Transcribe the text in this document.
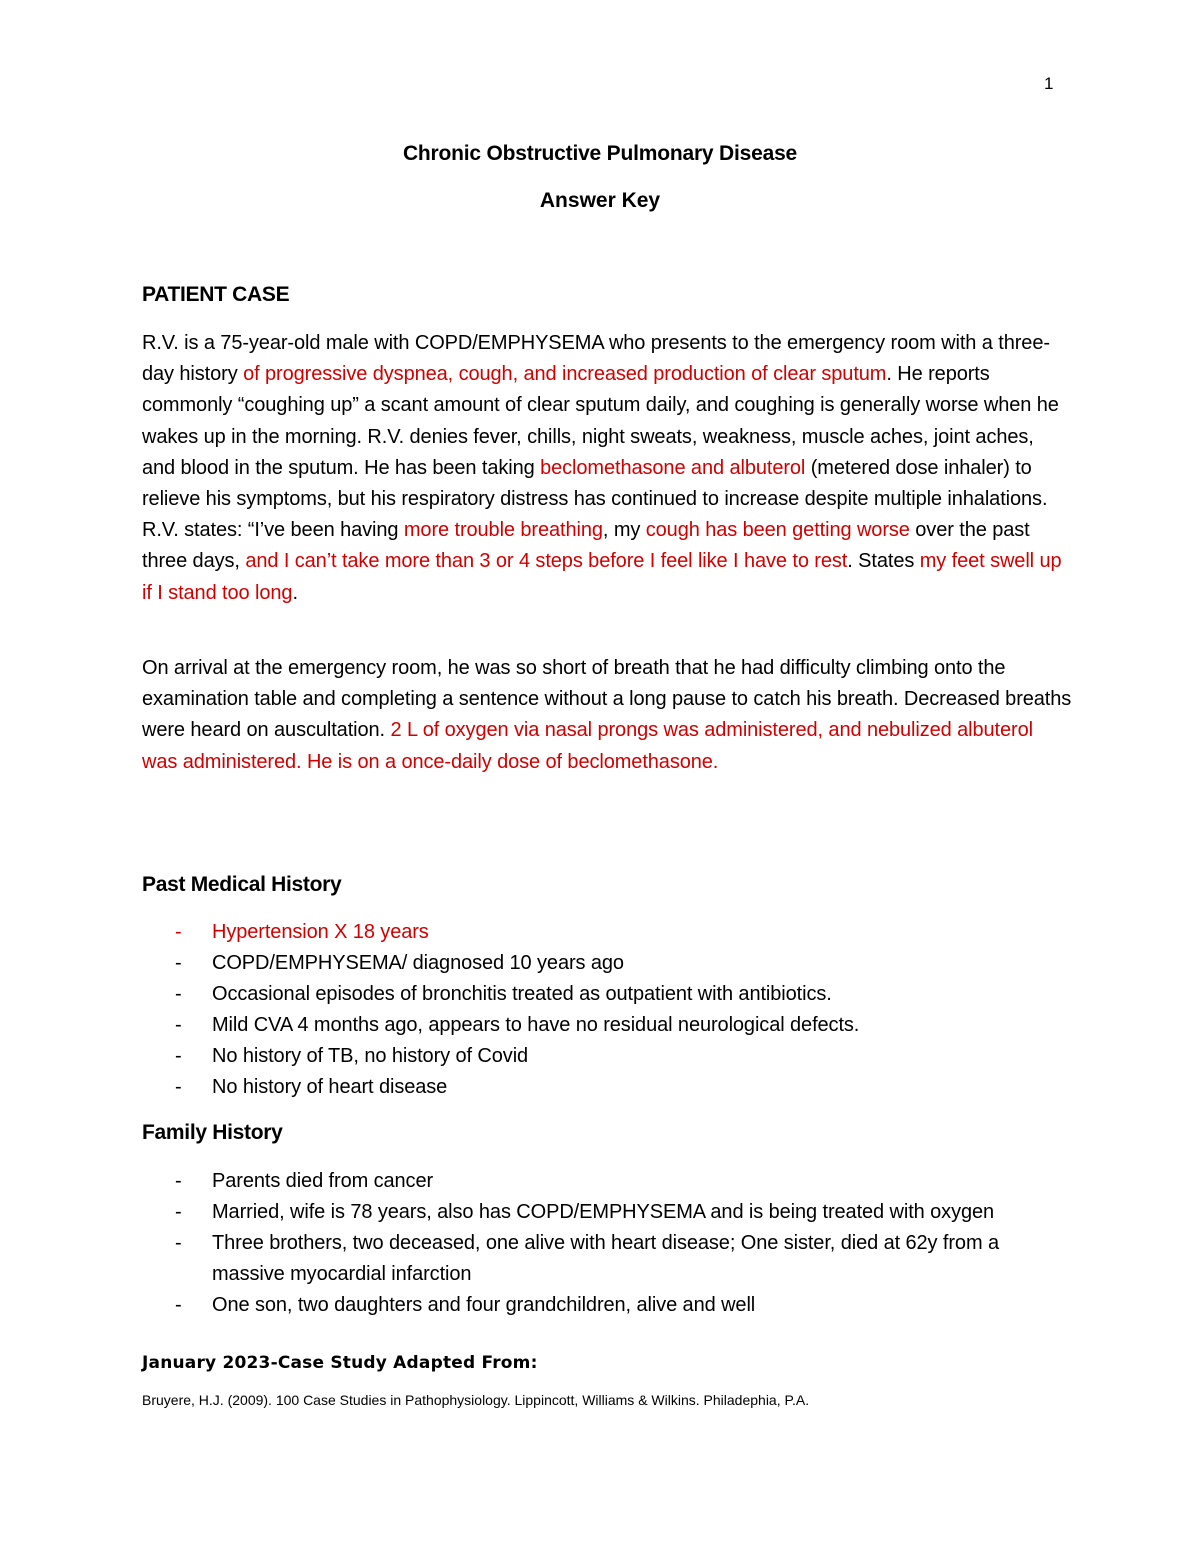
1
Chronic Obstructive Pulmonary Disease
Answer Key
PATIENT CASE
R.V. is a 75-year-old male with COPD/EMPHYSEMA who presents to the emergency room with a three-day history of progressive dyspnea, cough, and increased production of clear sputum. He reports commonly “coughing up” a scant amount of clear sputum daily, and coughing is generally worse when he wakes up in the morning. R.V. denies fever, chills, night sweats, weakness, muscle aches, joint aches, and blood in the sputum. He has been taking beclomethasone and albuterol (metered dose inhaler) to relieve his symptoms, but his respiratory distress has continued to increase despite multiple inhalations. R.V. states: “I’ve been having more trouble breathing, my cough has been getting worse over the past three days, and I can’t take more than 3 or 4 steps before I feel like I have to rest. States my feet swell up if I stand too long.
On arrival at the emergency room, he was so short of breath that he had difficulty climbing onto the examination table and completing a sentence without a long pause to catch his breath. Decreased breaths were heard on auscultation. 2 L of oxygen via nasal prongs was administered, and nebulized albuterol was administered. He is on a once-daily dose of beclomethasone.
Past Medical History
- Hypertension X 18 years
- COPD/EMPHYSEMA/ diagnosed 10 years ago
- Occasional episodes of bronchitis treated as outpatient with antibiotics.
- Mild CVA 4 months ago, appears to have no residual neurological defects.
- No history of TB, no history of Covid
- No history of heart disease
Family History
- Parents died from cancer
- Married, wife is 78 years, also has COPD/EMPHYSEMA and is being treated with oxygen
- Three brothers, two deceased, one alive with heart disease; One sister, died at 62y from a massive myocardial infarction
- One son, two daughters and four grandchildren, alive and well
January 2023-Case Study Adapted From:
Bruyere, H.J. (2009). 100 Case Studies in Pathophysiology. Lippincott, Williams & Wilkins. Philadephia, P.A.
